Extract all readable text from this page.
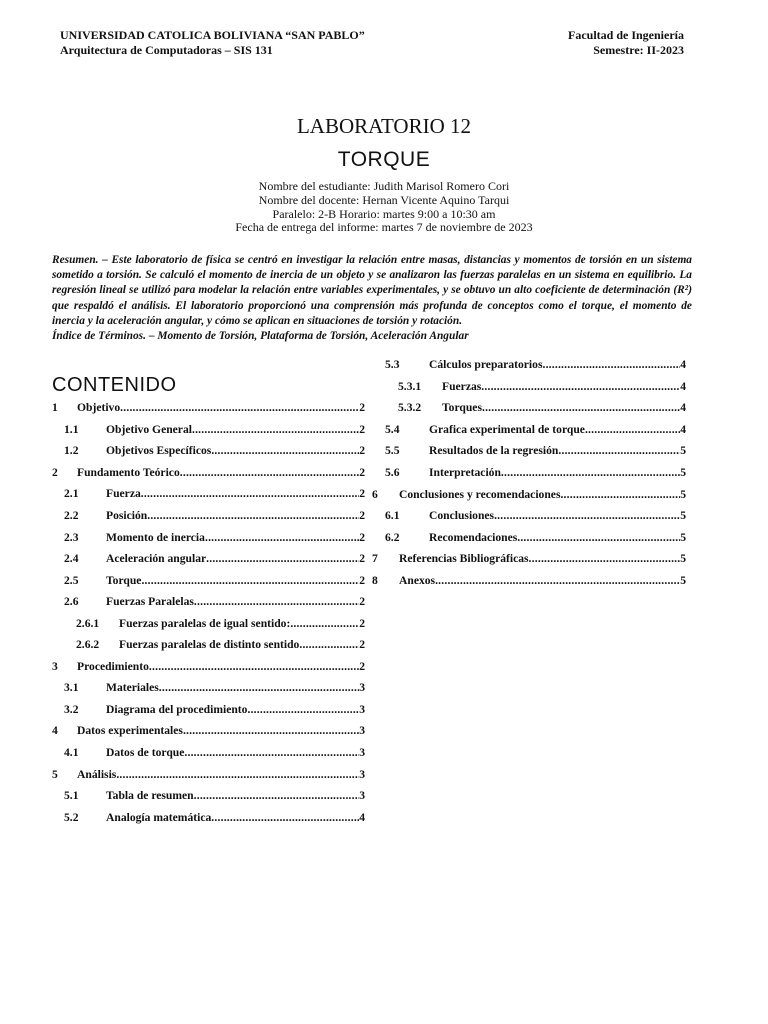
UNIVERSIDAD CATOLICA BOLIVIANA “SAN PABLO”
Arquitectura de Computadoras – SIS 131
Facultad de Ingeniería
Semestre: II-2023
LABORATORIO 12
TORQUE
Nombre del estudiante: Judith Marisol Romero Cori
Nombre del docente: Hernan Vicente Aquino Tarqui
Paralelo: 2-B Horario: martes 9:00 a 10:30 am
Fecha de entrega del informe: martes 7 de noviembre de 2023

Resumen. – Este laboratorio de física se centró en investigar la relación entre masas, distancias y momentos de torsión en un sistema sometido a torsión. Se calculó el momento de inercia de un objeto y se analizaron las fuerzas paralelas en un sistema en equilibrio. La regresión lineal se utilizó para modelar la relación entre variables experimentales, y se obtuvo un alto coeficiente de determinación (R²) que respaldó el análisis. El laboratorio proporcionó una comprensión más profunda de conceptos como el torque, el momento de inercia y la aceleración angular, y cómo se aplican en situaciones de torsión y rotación.

Índice de Términos. – Momento de Torsión, Plataforma de Torsión, Aceleración Angular

CONTENIDO
1	Objetivo .....	2
1.1	Objetivo General .....	2
1.2	Objetivos Específicos .....	2
2	Fundamento Teórico .....	2
2.1	Fuerza .....	2
2.2	Posición .....	2
2.3	Momento de inercia .....	2
2.4	Aceleración angular .....	2
2.5	Torque .....	2
2.6	Fuerzas Paralelas .....	2
2.6.1	Fuerzas paralelas de igual sentido: .....	2
2.6.2	Fuerzas paralelas de distinto sentido .....	2
3	Procedimiento .....	2
3.1	Materiales .....	3
3.2	Diagrama del procedimiento .....	3
4	Datos experimentales .....	3
4.1	Datos de torque .....	3
5	Análisis .....	3
5.1	Tabla de resumen .....	3
5.2	Analogía matemática .....	4
5.3	Cálculos preparatorios .....	4
5.3.1	Fuerzas .....	4
5.3.2	Torques .....	4
5.4	Grafica experimental de torque .....	4
5.5	Resultados de la regresión .....	5
5.6	Interpretación .....	5
6	Conclusiones y recomendaciones .....	5
6.1	Conclusiones .....	5
6.2	Recomendaciones .....	5
7	Referencias Bibliográficas .....	5
8	Anexos .....	5
